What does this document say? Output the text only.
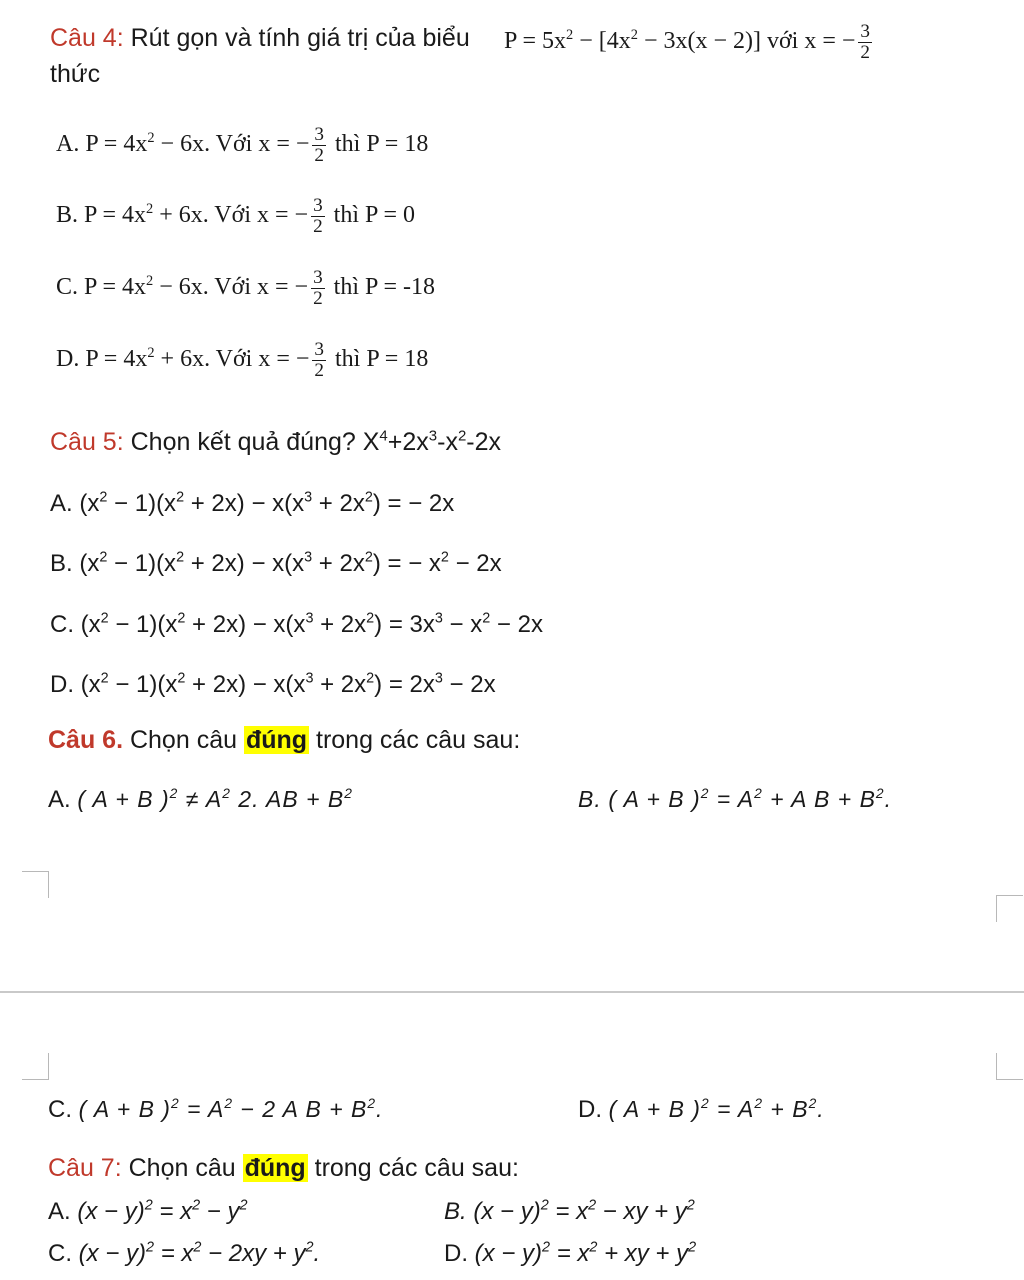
Câu 4: Rút gọn và tính giá trị của biểu $P = 5x^2 - [4x^2 - 3x(x - 2)]$ với x = − $\frac{3}{2}$
thức
A. $P = 4x^2 - 6x$. Với x = − $\frac{3}{2}$ thì P = 18
B. $P = 4x^2 + 6x$. Với x = − $\frac{3}{2}$ thì P = 0
C. $P = 4x^2 - 6x$. Với x = − $\frac{3}{2}$ thì P = -18
D. $P = 4x^2 + 6x$. Với x = − $\frac{3}{2}$ thì P = 18
Câu 5: Chọn kết quả đúng? $X^4+2x^3-x^2-2x$
A. $(x^2 - 1)(x^2 + 2x) - x(x^3 + 2x^2)$ = − 2x
B. $(x^2 - 1)(x^2 + 2x) - x(x^3 + 2x^2)$ = − $x^2 - 2x$
C. $(x^2 - 1)(x^2 + 2x) - x(x^3 + 2x^2) = 3x^3 - x^2 - 2x$
D. $(x^2 - 1)(x^2 + 2x) - x(x^3 + 2x^2) = 2x^3 - 2x$
Câu 6. Chọn câu đúng trong các câu sau:
A. ( A + B )$^2 \ne A^2$ 2. AB + $B^2$	B. ( A + B )$^2 = A^2 + A$ $B + B^2$.
C. ( A + B )$^2 = A^2 - 2$ A $B + B^2$.	D. ( A + B )$^2 = A^2 + B^2$.
Câu 7: Chọn câu đúng trong các câu sau:
A. $(x - y)^2 = x^2 - y^2$	B. $(x - y)^2 = x^2$ − xy + $y^2$
C. $(x - y)^2 = x^2 - 2xy + y^2$.	D. $(x - y)^2 = x^2$ + xy + $y^2$
